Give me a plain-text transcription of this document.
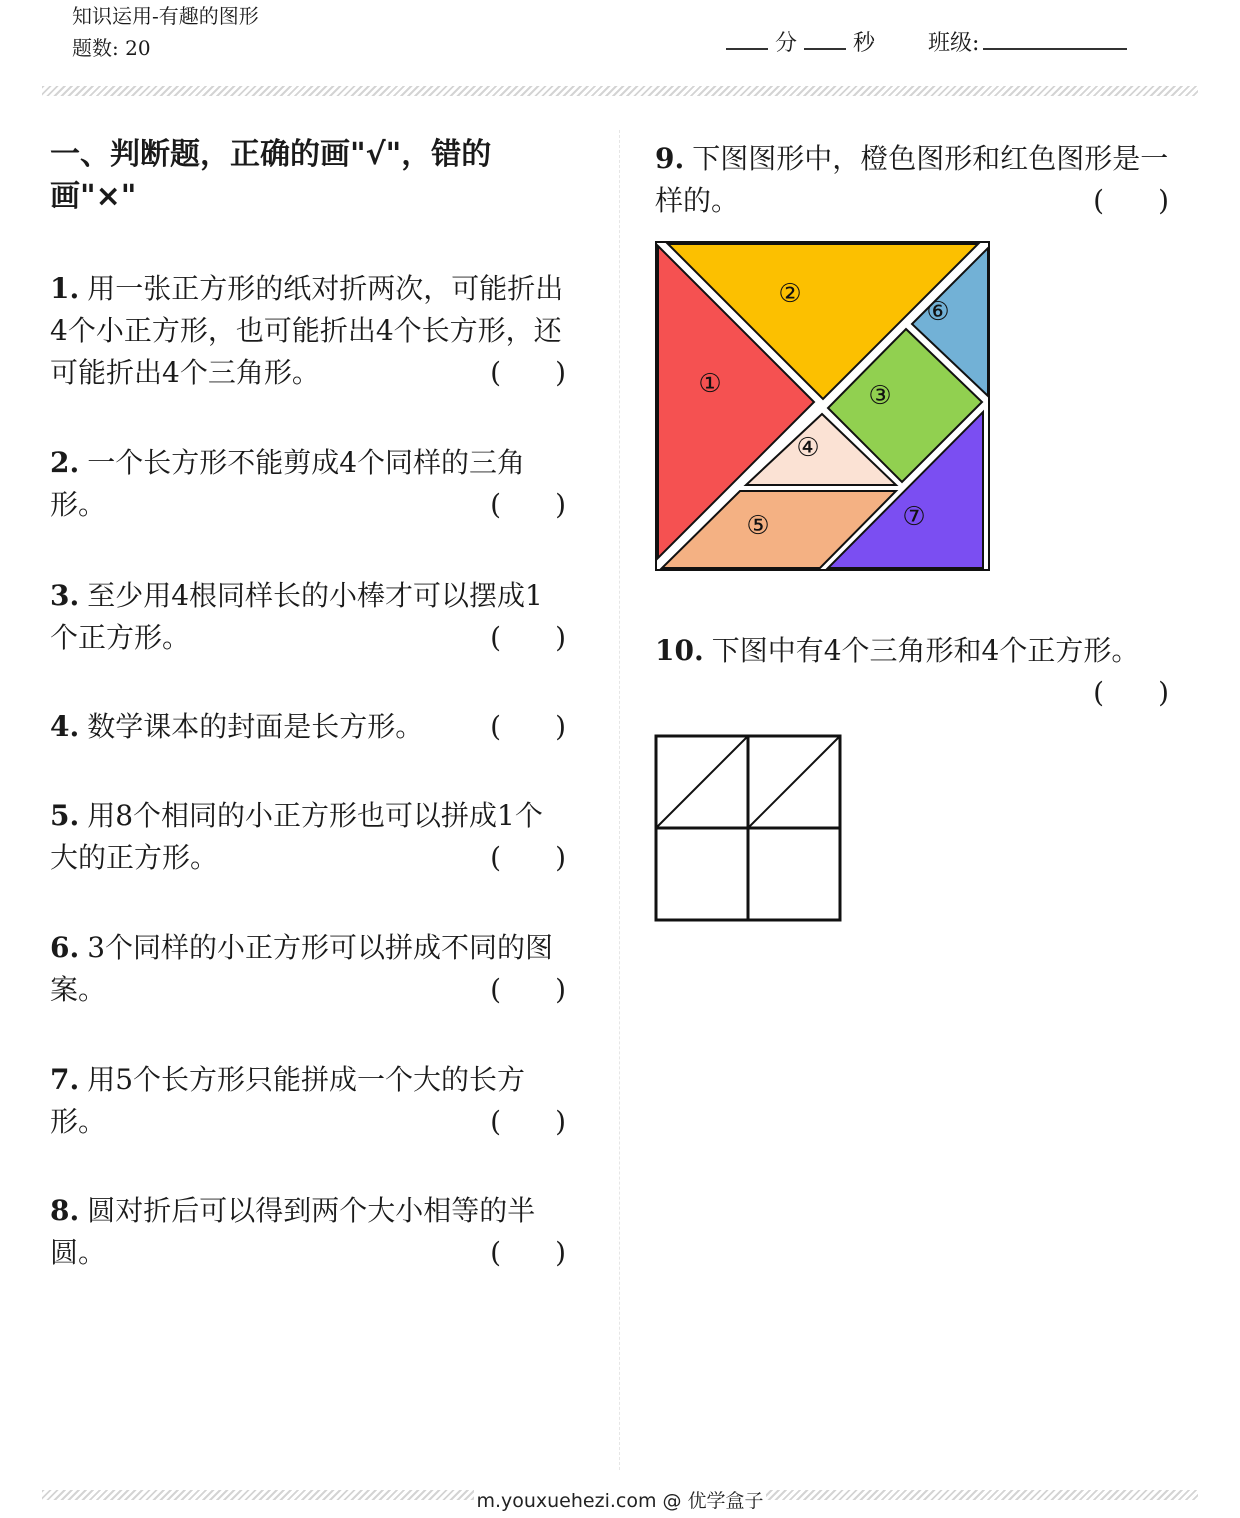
知识运用-有趣的图形
题数: 20	分	秒 班级:
一、判断题，正确的画"√"，错的画"×"
1. 用一张正方形的纸对折两次，可能折出4个小正方形，也可能折出4个长方形，还可能折出4个三角形。	( )
2. 一个长方形不能剪成4个同样的三角形。	( )
3. 至少用4根同样长的小棒才可以摆成1个正方形。	( )
4. 数学课本的封面是长方形。 ( )
5. 用8个相同的小正方形也可以拼成1个大的正方形。	( )
6. 3个同样的小正方形可以拼成不同的图案。	( )
7. 用5个长方形只能拼成一个大的长方形。	( )
8. 圆对折后可以得到两个大小相等的半圆。	( )
9. 下图图形中，橙色图形和红色图形是一样的。	( )
①
②
③
④
⑤
⑥
⑦
10. 下图中有4个三角形和4个正方形。
( )
m.youxuehezi.com @ 优学盒子
